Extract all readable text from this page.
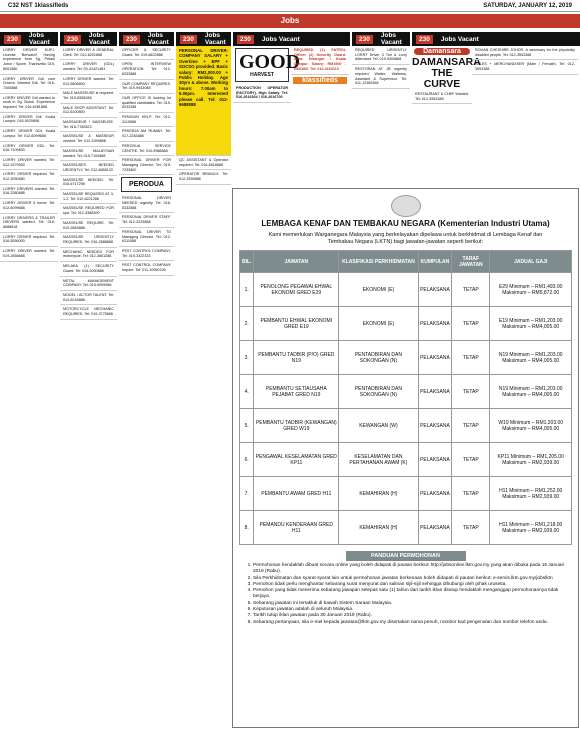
C32 NST 1klassifieds	SATURDAY, JANUARY 12, 2019
Jobs
230	Jobs Vacant
LORRY DRIVER 5/JPJ. License 'Berwarid'. Having experience from Sg. Petani Johor / Spore. Tharinvellu 019-6001580
LORRY DRIVER Gdl cum Drivers. Wanted Gdl. Tel: 016-7300888
LORRY DRIVER Gdl wanted to work in Sg. Buloh. Experience required. Tel: 016-6281888
LORRY DRIVER Gdl. Kuala Lumpur. 016-9020898
LORRY DRIVER GDL Kuala Lumpur. Tel: 012-6099688
LORRY DRIVER GDL. Tel: 016-7109833
LORRY DRIVER wanted. Tel: 012-3379930
LORRY DRIVER required. Tel: 012-3050580
LORRY DRIVERS wanted. Tel: 016-3380888
LORRY DRIVER 5 tonne. Tel: 012-6099688
LORRY DRIVERS & TRAILER DRIVERS wanted. Tel: 016-6688818
LORRY DRIVER required. Tel: 016-5556000
LORRY DRIVER wanted. Tel: 019-2858688
230	Jobs Vacant
LORRY DRIVER & GENERAL Clerk. Tel: 012-6201888
LORRY DRIVER (GDL) wanted. Tel: 03-41421481
LORRY DRIVER wanted. Tel: 012-5806800
MALE MASSEUSE is required. Tel: 019-6555288
MALE SHOP ASSISTANT. Tel: 012-6100800
MASSAGEUR / MASSEUSE. Tel: 016-7782823
MASSEUSE & MASSEUR needed. Tel: 012-3399888
MASSEUSE MALAYSIAN wanted. Tel: 019-7100888
MASSEUSES NEEDED URGENTLY. Tel: 012-6688133
MASSEUSE NEEDED. Tel: 016-6717298
MASSEUSE REQUIRED AT 3-1-2. Tel: 012-6221288
MASSEUSE REQUIRED FOR spa. Tel: 012-3388300
MASSEUSE REQUIRE. Tel: 010-2683888
MASSEUSE URGENTLY REQUIRED. Tel: 016-2888888
MECHANIC NEEDED FOR motorcycle. Tel: 012-3661288
MELAKA (1) SECURITY Guard. Tel: 016-2000888
METAL MANAGEMENT COMPANY. Tel: 016-9009988
MODEL / ACTOR TALENT. Tel: 012-6218888
MOTORCYCLE MECHANIC REQUIRED. Tel: 019-3775866
230	Jobs Vacant
OFFICER & SECURITY Guard. Tel: 019-6622888
OPEN INTERVIEW OPERATION. Tel: 012-6333888
OUR COMPANY REQUIRES. Tel: 019-9933088
OUR OFFICE IS looking for qualified candidates. Tel: 019-5233288
PENGUIN HELP. Tel: 012-3110888
PEKERJA AM RUMAH. Tel: 017-2283888
PERODUA SERVICE CENTRE. Tel: 010-9988888
PERSONAL DRIVER FOR Managing Director. Tel: 019-7233800
PERODUA
PERSONAL DRIVER NEEDED urgently. Tel: 018-5332888
PERSONAL DRIVER STAFF. Tel: 012-3223888
PERSONAL DRIVER TO Managing Director. Tel: 012-6311588
PEST CONTROL COMPANY. Tel: 019-3322333
PEST CONTROL COMPANY require. Tel: 011-10950228
230	Jobs Vacant
PERSONAL DRIVER-COMPANY SALARY + Overtime + EPF + SOCSO provided. Basic salary: RM2,000.00 + Public Holiday. Age 30yrs & above. Working hours: 7.00am to 5.00pm. Interested please call. Tel: 012-6688888
QC ASSISTANT & Operator required. Tel: 016-6618888
OPERATOR BRANCH. Tel: 012-3399888
230	Jobs Vacant
GOOD
HARVEST
PRODUCTION OPERATOR (FACTORY). High Salary. Tel: 016-2016924 / 016-2016700
REQUIRED (1) PATROL Officer (2) Security Guard. Area: Selangor / Kuala Lumpur. Salary: RM1900 - RM1800. Tel: 012-4163113
klassifieds
230	Jobs Vacant
REQUIRED URGENTLY LORRY Driver 3 Ton & Lorry Attendant. Tel: 019-5300888
RESTORAN AT JB urgently required Waiter, Waitress, Assistant & Supervisor. Tel: 011-12360488
230	Jobs Vacant
Damansara
DAMANSARA THE CURVE
RESTAURANT & CHEF Wanted. Tel: 012-3553388
ROHAN CHESHIRE JOHOR. A sanctuary for the physically disabled people. Tel: 012-3553388
SALES + MERCHANDISER (Male / Female). Tel: 012-3553388
LEMBAGA KENAF DAN TEMBAKAU NEGARA (Kementerian Industri Utama)
Kami memerlukan Warganegara Malaysia yang berkelayakan dipelawa untuk berkhidmat di Lembaga Kenaf dan Tembakau Negara (LKTN) bagi jawatan-jawatan seperti berikut:
BIL.	JAWATAN	KLASIFIKASI PERKHIDMATAN	KUMPULAN	TARAF JAWATAN	JADUAL GAJI
1.	PENOLONG PEGAWAI EHWAL EKONOMI GRED E29	EKONOMI (E)	PELAKSANA	TETAP	E29 Minimum – RM1,493.00 Maksimum – RM5,872.00
2.	PEMBANTU EHWAL EKONOMI GRED E19	EKONOMI (E)	PELAKSANA	TETAP	E19 Minimum – RM1,203.00 Maksimum – RM4,005.00
3.	PEMBANTU TADBIR (P/O) GRED N19	PENTADBIRAN DAN SOKONGAN (N)	PELAKSANA	TETAP	N19 Minimum – RM1,203.00 Maksimum – RM4,005.00
4.	PEMBANTU SETIAUSAHA PEJABAT GRED N19	PENTADBIRAN DAN SOKONGAN (N)	PELAKSANA	TETAP	N19 Minimum – RM1,203.00 Maksimum – RM4,005.00
5.	PEMBANTU TADBIR (KEWANGAN) GRED W19	KEWANGAN (W)	PELAKSANA	TETAP	W19 Minimum – RM1,203.00 Maksimum – RM4,005.00
6.	PENGAWAL KESELAMATAN GRED KP11	KESELAMATAN DAN PERTAHANAN AWAM (K)	PELAKSANA	TETAP	KP11 Minimum – RM1,205.00 Maksimum – RM2,939.00
7.	PEMBANTU AWAM GRED H11	KEMAHIRAN (H)	PELAKSANA	TETAP	H11 Minimum – RM1,252.00 Maksimum – RM2,939.00
8.	PEMANDU KENDERAAN GRED H11	KEMAHIRAN (H)	PELAKSANA	TETAP	H11 Minimum – RM1,218.00 Maksimum – RM2,939.00
PANDUAN PERMOHONAN
1. Permohonan hendaklah dibuat secara online yang boleh didapati di pautan berikut: http://jobsonline.lktn.gov.my yang akan dibuka pada 16 Januari 2019 (Rabu).
2. Sila Perkhidmatan dan syarat-syarat lain untuk permohonan jawatan berkenaan boleh didapati di pautan berikut: e-servis.lktn.gov.my/jobslktn
3. Pemohon tidak perlu menghantar sebarang surat menyurat dan salinan sijil-sijil sehingga dihubungi oleh pihak urusetia.
4. Pemohon yang tidak menerima sebarang jawapan selepas satu (1) tahun dari tarikh iklan ditutup hendaklah menganggap permohonannya tidak berjaya.
5. Sebarang jawatan ini tertakluk di bawah Sistem Saraan Malaysia.
6. Keputusan jawatan adalah di seluruh Malaysia.
7. Tarikh tutup iklan jawatan pada 30 Januari 2019 (Rabu).
8. Sebarang pertanyaan, sila e-mel kepada jawatan@lktn.gov.my disertakan nama penuh, nombor kad pengenalan dan nombor telefon anda.
